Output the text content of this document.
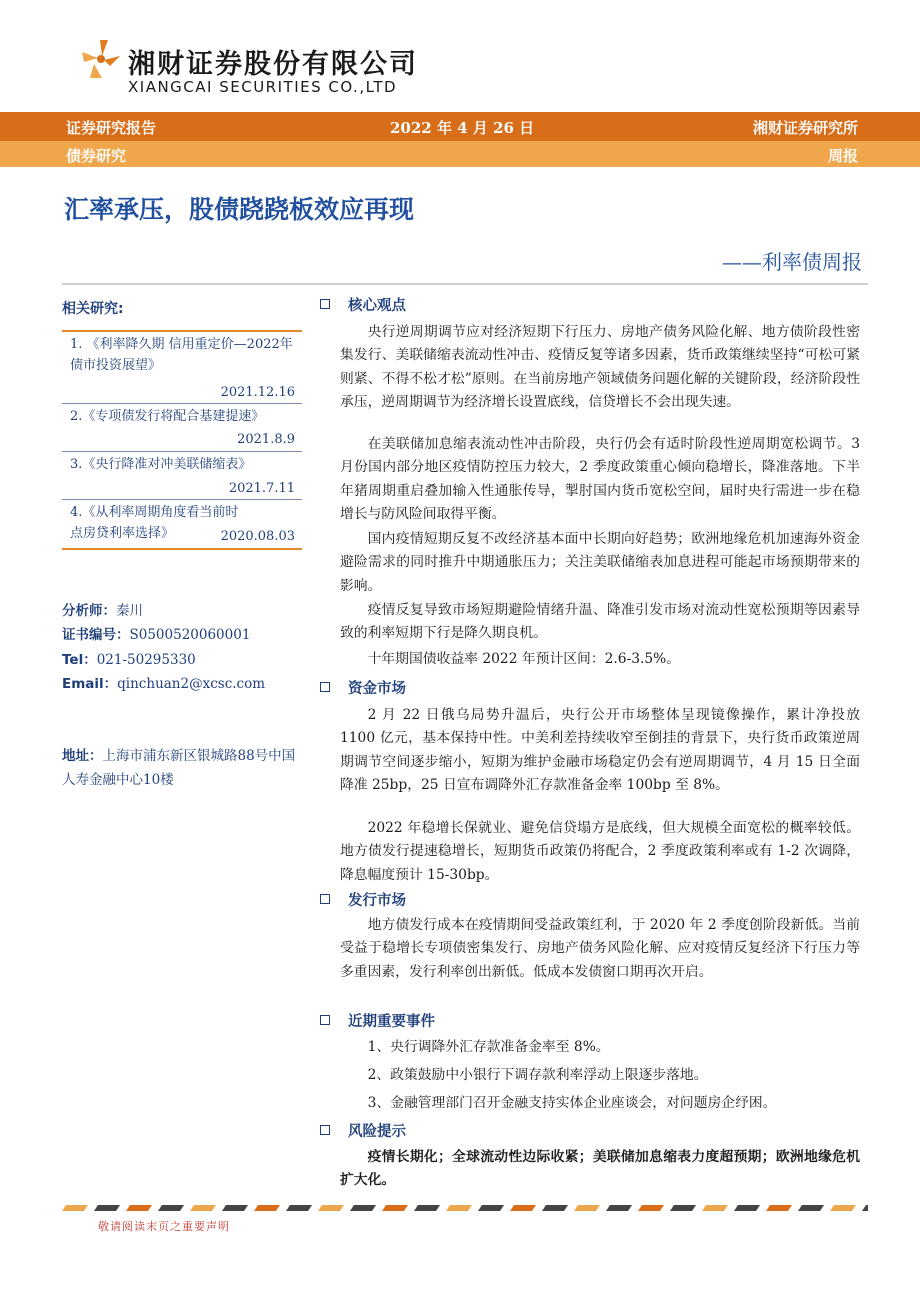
湘财证券股份有限公司
XIANGCAI SECURITIES CO.,LTD
证券研究报告	2022 年 4 月 26 日	湘财证券研究所
债券研究	周报
汇率承压，股债跷跷板效应再现
——利率债周报
相关研究:
1. 《利率降久期 信用重定价—2022年债市投资展望》
2021.12.16
2.《专项债发行将配合基建提速》
2021.8.9
3.《央行降准对冲美联储缩表》
2021.7.11
4.《从利率周期角度看当前时点房贷利率选择》	2020.08.03
分析师：秦川
证书编号：S0500520060001
Tel：021-50295330
Email：qinchuan2@xcsc.com
地址：上海市浦东新区银城路88号中国人寿金融中心10楼
核心观点
央行逆周期调节应对经济短期下行压力、房地产债务风险化解、地方债阶段性密集发行、美联储缩表流动性冲击、疫情反复等诸多因素，货币政策继续坚持“可松可紧则紧、不得不松才松”原则。在当前房地产领域债务问题化解的关键阶段，经济阶段性承压，逆周期调节为经济增长设置底线，信贷增长不会出现失速。
在美联储加息缩表流动性冲击阶段，央行仍会有适时阶段性逆周期宽松调节。3 月份国内部分地区疫情防控压力较大，2 季度政策重心倾向稳增长，降准落地。下半年猪周期重启叠加输入性通胀传导，掣肘国内货币宽松空间，届时央行需进一步在稳增长与防风险间取得平衡。
国内疫情短期反复不改经济基本面中长期向好趋势；欧洲地缘危机加速海外资金避险需求的同时推升中期通胀压力；关注美联储缩表加息进程可能起市场预期带来的影响。
疫情反复导致市场短期避险情绪升温、降准引发市场对流动性宽松预期等因素导致的利率短期下行是降久期良机。
十年期国债收益率 2022 年预计区间：2.6-3.5%。
资金市场
2 月 22 日俄乌局势升温后，央行公开市场整体呈现镜像操作，累计净投放 1100 亿元，基本保持中性。中美利差持续收窄至倒挂的背景下，央行货币政策逆周期调节空间逐步缩小，短期为维护金融市场稳定仍会有逆周期调节，4 月 15 日全面降准 25bp，25 日宣布调降外汇存款准备金率 100bp 至 8%。
2022 年稳增长保就业、避免信贷塌方是底线，但大规模全面宽松的概率较低。地方债发行提速稳增长，短期货币政策仍将配合，2 季度政策利率或有 1-2 次调降，降息幅度预计 15-30bp。
发行市场
地方债发行成本在疫情期间受益政策红利，于 2020 年 2 季度创阶段新低。当前受益于稳增长专项债密集发行、房地产债务风险化解、应对疫情反复经济下行压力等多重因素，发行利率创出新低。低成本发债窗口期再次开启。
近期重要事件
1、央行调降外汇存款准备金率至 8%。
2、政策鼓励中小银行下调存款利率浮动上限逐步落地。
3、金融管理部门召开金融支持实体企业座谈会，对问题房企纾困。
风险提示
疫情长期化；全球流动性边际收紧；美联储加息缩表力度超预期；欧洲地缘危机扩大化。
敬请阅读末页之重要声明
